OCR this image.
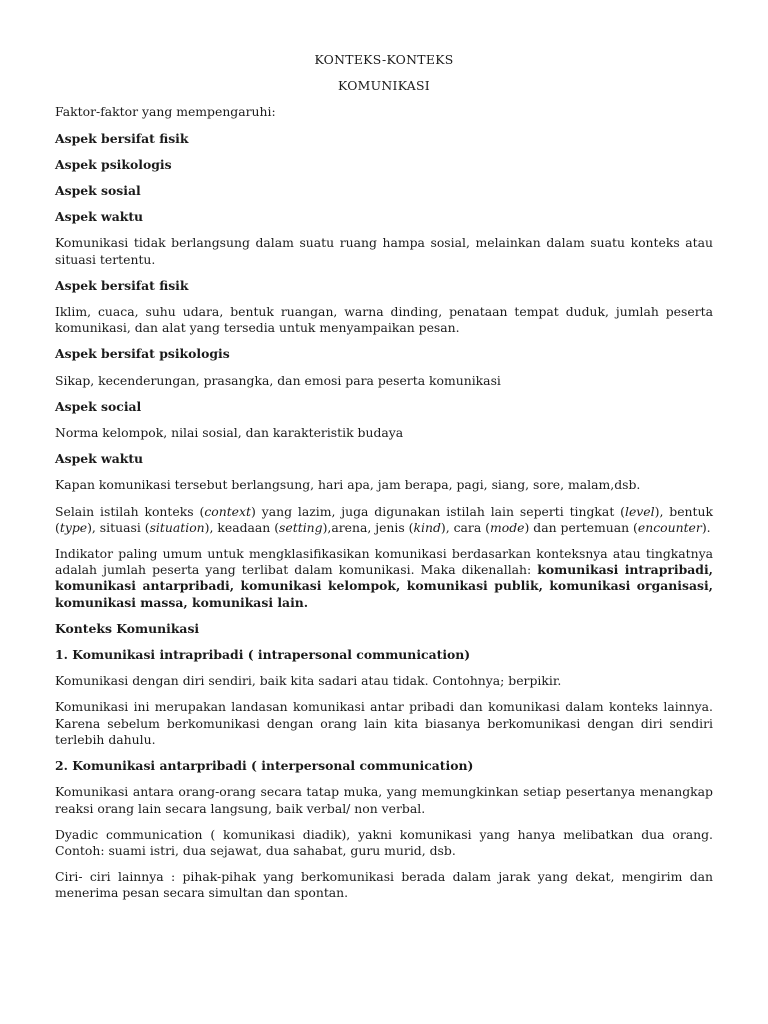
KONTEKS-KONTEKS

KOMUNIKASI

Faktor-faktor yang mempengaruhi:

Aspek bersifat fisik

Aspek psikologis

Aspek sosial

Aspek waktu

Komunikasi tidak berlangsung dalam suatu ruang hampa sosial, melainkan dalam suatu konteks atau situasi tertentu.

Aspek bersifat fisik

Iklim, cuaca, suhu udara, bentuk ruangan, warna dinding, penataan tempat duduk, jumlah peserta komunikasi, dan alat yang tersedia untuk menyampaikan pesan.

Aspek bersifat psikologis

Sikap, kecenderungan, prasangka, dan emosi para peserta komunikasi

Aspek social

Norma kelompok, nilai sosial, dan karakteristik budaya

Aspek waktu

Kapan komunikasi tersebut berlangsung, hari apa, jam berapa, pagi, siang, sore, malam,dsb.

Selain istilah konteks (context) yang lazim, juga digunakan istilah lain seperti tingkat (level), bentuk (type), situasi (situation), keadaan (setting),arena, jenis (kind), cara (mode) dan pertemuan (encounter).

Indikator paling umum untuk mengklasifikasikan komunikasi berdasarkan konteksnya atau tingkatnya adalah jumlah peserta yang terlibat dalam komunikasi. Maka dikenallah: komunikasi intrapribadi, komunikasi antarpribadi, komunikasi kelompok, komunikasi publik, komunikasi organisasi, komunikasi massa, komunikasi lain.

Konteks Komunikasi

1. Komunikasi intrapribadi ( intrapersonal communication)

Komunikasi dengan diri sendiri, baik kita sadari atau tidak. Contohnya; berpikir.

Komunikasi ini merupakan landasan komunikasi antar pribadi dan komunikasi dalam konteks lainnya. Karena sebelum berkomunikasi dengan orang lain kita biasanya berkomunikasi dengan diri sendiri terlebih dahulu.

2. Komunikasi antarpribadi ( interpersonal communication)

Komunikasi antara orang-orang secara tatap muka, yang memungkinkan setiap pesertanya menangkap reaksi orang lain secara langsung, baik verbal/ non verbal.

Dyadic communication ( komunikasi diadik), yakni komunikasi yang hanya melibatkan dua orang. Contoh: suami istri, dua sejawat, dua sahabat, guru murid, dsb.

Ciri- ciri lainnya : pihak-pihak yang berkomunikasi berada dalam jarak yang dekat, mengirim dan menerima pesan secara simultan dan spontan.
